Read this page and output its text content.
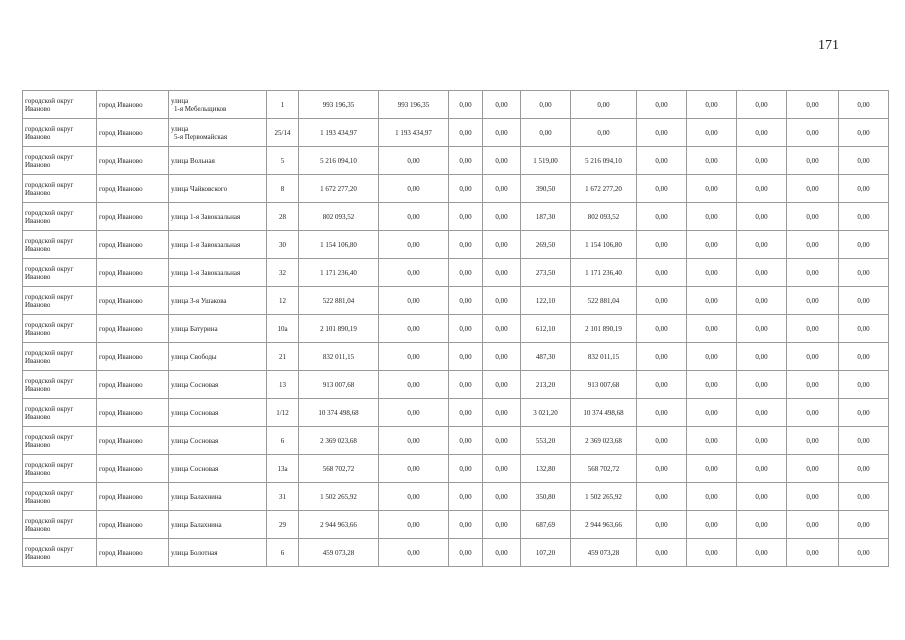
171
городской округ
Иваново	город Иваново	улица
1-я Мебельщиков	1	993 196,35	993 196,35	0,00	0,00	0,00	0,00	0,00	0,00	0,00	0,00	0,00

городской округ
Иваново	город Иваново	улица
5-я Первомайская	25/14	1 193 434,97	1 193 434,97	0,00	0,00	0,00	0,00	0,00	0,00	0,00	0,00	0,00

городской округ
Иваново	город Иваново	улица Вольная	5	5 216 094,10	0,00	0,00	0,00	1 519,00	5 216 094,10	0,00	0,00	0,00	0,00	0,00

городской округ
Иваново	город Иваново	улица Чайковского	8	1 672 277,20	0,00	0,00	0,00	390,50	1 672 277,20	0,00	0,00	0,00	0,00	0,00

городской округ
Иваново	город Иваново	улица 1-я Завокзальная	28	802 093,52	0,00	0,00	0,00	187,30	802 093,52	0,00	0,00	0,00	0,00	0,00

городской округ
Иваново	город Иваново	улица 1-я Завокзальная	30	1 154 106,80	0,00	0,00	0,00	269,50	1 154 106,80	0,00	0,00	0,00	0,00	0,00

городской округ
Иваново	город Иваново	улица 1-я Завокзальная	32	1 171 236,40	0,00	0,00	0,00	273,50	1 171 236,40	0,00	0,00	0,00	0,00	0,00

городской округ
Иваново	город Иваново	улица 3-я Ушакова	12	522 881,04	0,00	0,00	0,00	122,10	522 881,04	0,00	0,00	0,00	0,00	0,00

городской округ
Иваново	город Иваново	улица Батурина	10а	2 101 890,19	0,00	0,00	0,00	612,10	2 101 890,19	0,00	0,00	0,00	0,00	0,00

городской округ
Иваново	город Иваново	улица Свободы	21	832 011,15	0,00	0,00	0,00	487,30	832 011,15	0,00	0,00	0,00	0,00	0,00

городской округ
Иваново	город Иваново	улица Сосновая	13	913 007,68	0,00	0,00	0,00	213,20	913 007,68	0,00	0,00	0,00	0,00	0,00

городской округ
Иваново	город Иваново	улица Сосновая	1/12	10 374 498,68	0,00	0,00	0,00	3 021,20	10 374 498,68	0,00	0,00	0,00	0,00	0,00

городской округ
Иваново	город Иваново	улица Сосновая	6	2 369 023,68	0,00	0,00	0,00	553,20	2 369 023,68	0,00	0,00	0,00	0,00	0,00

городской округ
Иваново	город Иваново	улица Сосновая	13а	568 702,72	0,00	0,00	0,00	132,80	568 702,72	0,00	0,00	0,00	0,00	0,00

городской округ
Иваново	город Иваново	улица Балахнина	31	1 502 265,92	0,00	0,00	0,00	350,80	1 502 265,92	0,00	0,00	0,00	0,00	0,00

городской округ
Иваново	город Иваново	улица Балахнина	29	2 944 963,66	0,00	0,00	0,00	687,69	2 944 963,66	0,00	0,00	0,00	0,00	0,00

городской округ
Иваново	город Иваново	улица Болотная	6	459 073,28	0,00	0,00	0,00	107,20	459 073,28	0,00	0,00	0,00	0,00	0,00
